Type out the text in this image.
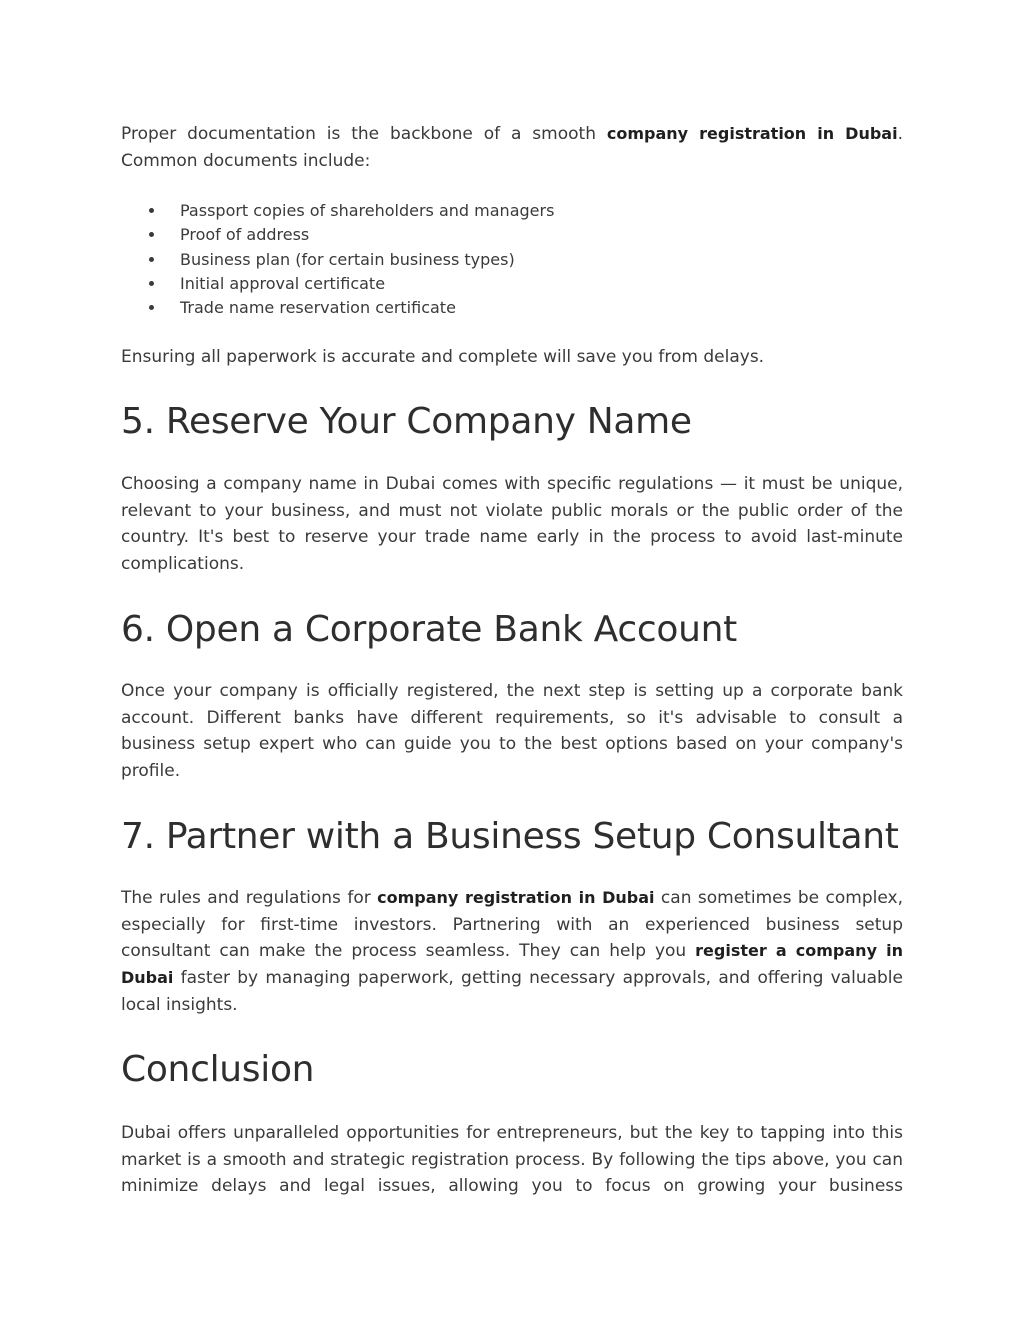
Proper documentation is the backbone of a smooth company registration in Dubai. Common documents include:

Passport copies of shareholders and managers
Proof of address
Business plan (for certain business types)
Initial approval certificate
Trade name reservation certificate

Ensuring all paperwork is accurate and complete will save you from delays.

5. Reserve Your Company Name

Choosing a company name in Dubai comes with specific regulations — it must be unique, relevant to your business, and must not violate public morals or the public order of the country. It's best to reserve your trade name early in the process to avoid last-minute complications.

6. Open a Corporate Bank Account

Once your company is officially registered, the next step is setting up a corporate bank account. Different banks have different requirements, so it's advisable to consult a business setup expert who can guide you to the best options based on your company's profile.

7. Partner with a Business Setup Consultant

The rules and regulations for company registration in Dubai can sometimes be complex, especially for first-time investors. Partnering with an experienced business setup consultant can make the process seamless. They can help you register a company in Dubai faster by managing paperwork, getting necessary approvals, and offering valuable local insights.

Conclusion

Dubai offers unparalleled opportunities for entrepreneurs, but the key to tapping into this market is a smooth and strategic registration process. By following the tips above, you can minimize delays and legal issues, allowing you to focus on growing your business
